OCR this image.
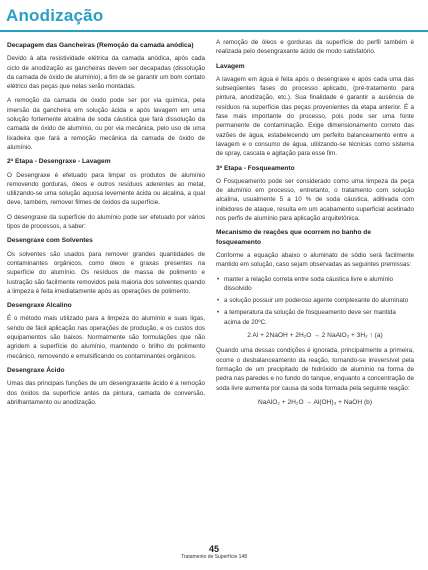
Anodização
Decapagem das Gancheiras (Remoção da camada anódica)

Devido à alta resistividade elétrica da camada anódica, após cada ciclo de anodização as gancheiras devem ser decapadas (dissolução da camada de óxido de alumínio), a fim de se garantir um bom contato elétrico das peças que nelas serão montadas.

A remoção da camada de óxido pode ser por via química, pela imersão da gancheira em solução ácida e após lavagem em uma solução fortemente alcalina de soda cáustica que fará dissolução da camada de óxido de alumínio, ou por via mecânica, pelo uso de uma lixadeira que fará a remoção mecânica da camada de óxido de alumínio.

2ª Etapa - Desengraxe - Lavagem

O Desengraxe é efetuado para limpar os produtos de alumínio removendo gorduras, óleos e outros resíduos aderentes ao metal, utilizando-se uma solução aquosa levemente ácida ou alcalina, a qual deve, também, remover filmes de óxidos da superfície.

O desengraxe da superfície do alumínio pode ser efetuado por vários tipos de processos, a saber:

Desengraxe com Solventes

Os solventes são usados para remover grandes quantidades de contaminantes orgânicos, como óleos e graxas presentes na superfície do alumínio. Os resíduos de massa de polimento e lustração são facilmente removidos pela maioria dos solventes quando a limpeza é feita imediatamente após as operações de polimento.

Desengraxe Alcalino

É o método mais utilizado para a limpeza do alumínio e suas ligas, sendo de fácil aplicação nas operações de produção, e os custos dos equipamentos são baixos. Normalmente são formulações que não agridem a superfície do alumínio, mantendo o brilho do polimento mecânico, removendo e emulsificando os contaminantes orgânicos.

Desengraxe Ácido

Umas das principais funções de um desengraxante ácido é a remoção dos óxidos da superfície antes da pintura, camada de conversão, abrilhantamento ou anodização.

A remoção de óleos e gorduras da superfície do perfil também é realizada pelo desengraxante ácido de modo satisfatório.

Lavagem

A lavagem em água é feita após o desengraxe e após cada uma das subseqüentes fases do processo aplicado, (pré-tratamento para pintura, anodização, etc.). Sua finalidade é garantir a ausência de resíduos na superfície das peças provenientes da etapa anterior. É a fase mais importante do processo, pois pode ser uma fonte permanente de contaminação. Exige dimensionamento correto das vazões de água, estabelecendo um perfeito balanceamento entre a lavagem e o consumo de água, utilizando-se técnicas como sistema de spray, cascata e agitação para esse fim.

3ª Etapa - Fosqueamento

O Fosqueamento pode ser considerado como uma limpeza da peça de alumínio em processo, entretanto, o tratamento com solução alcalina, usualmente 5 a 10 % de soda cáustica, aditivada com inibidores de ataque, resulta em um acabamento superficial acetinado nos perfis de alumínio para aplicação arquitetônica.

Mecanismo de reações que ocorrem no banho de fosqueamento

Conforme a equação abaixo o aluminato de sódio será facilmente mantido em solução, caso sejam observadas as seguintes premissas:

• manter a relação correta entre soda cáustica livre e alumínio dissolvido
• a solução possuir um poderoso agente complexante do alumínato
• a temperatura da solução de fosqueamento deve ser mantida acima de 20ºC.
2 Al + 2NaOH + 2H₂O → 2 NaAlO₂ + 3H₂ ↑ (a)

Quando uma dessas condições é ignorada, principalmente a primeira, ocorre o desbalanceamento da reação, tornando-se irreversível pela formação de um precipitado de hidróxido de alumínio na forma de pedra nas paredes e no fundo do tanque, enquanto a concentração de soda livre aumenta por causa da soda formada pela seguinte reação:

NaAlO₂ + 2H₂O → Al(OH)₃ + NaOH (b)
45
Tratamento de Superfície 148
